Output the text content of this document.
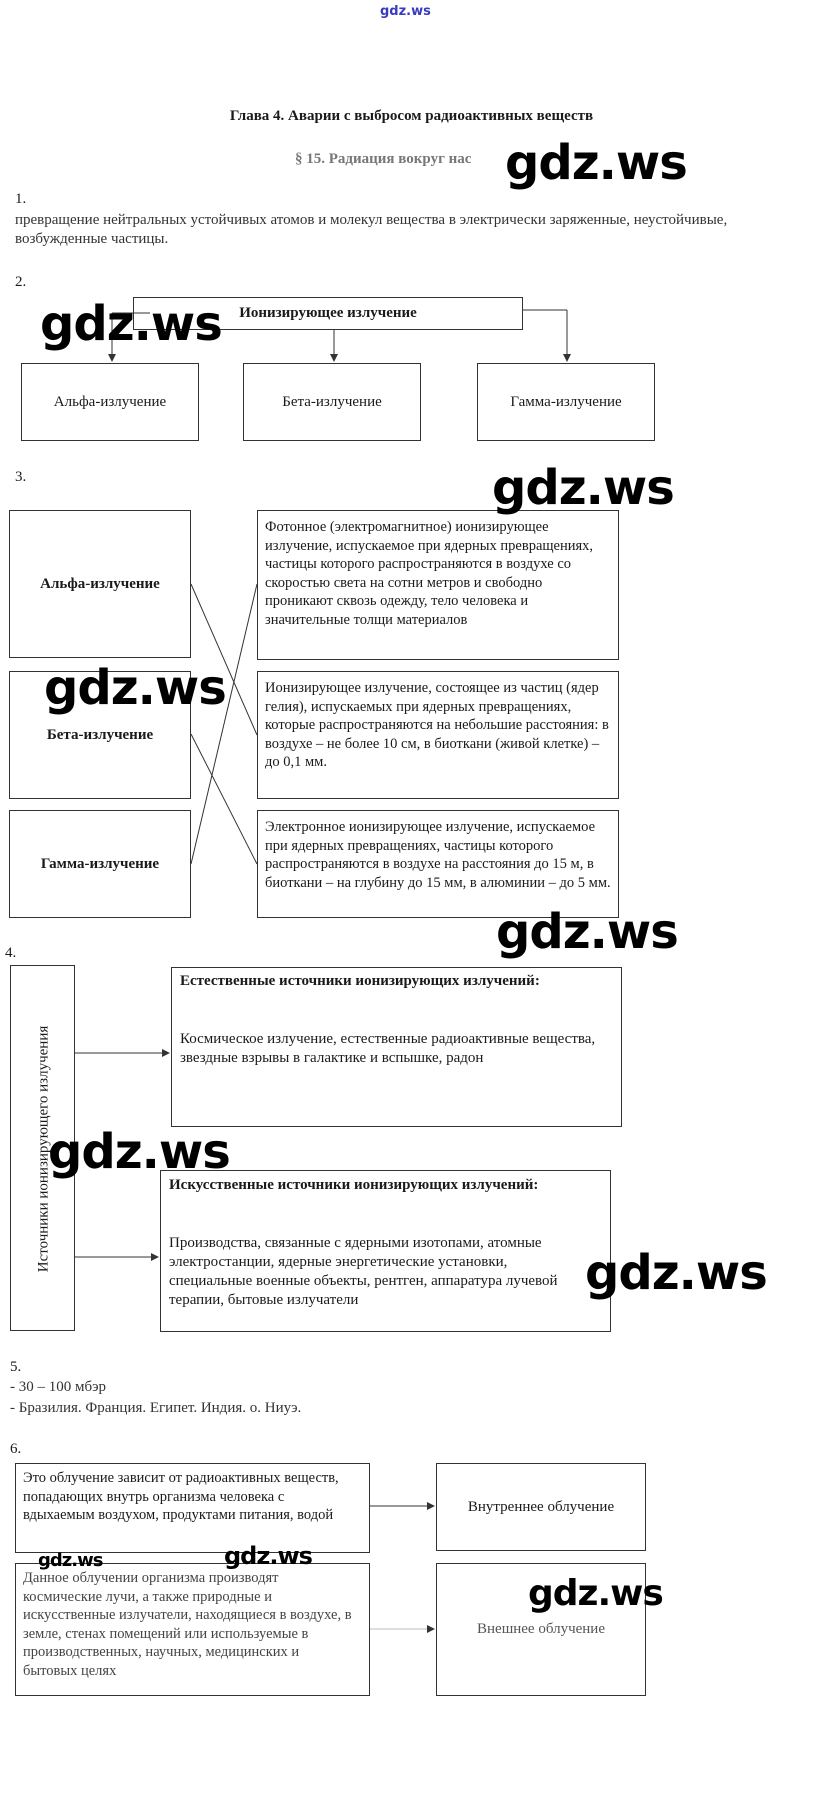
gdz.ws
Глава 4. Аварии с выбросом радиоактивных веществ
§ 15. Радиация вокруг нас
1.
превращение нейтральных устойчивых атомов и молекул вещества в электрически заряженные, неустойчивые, возбужденные частицы.
2.
Ионизирующее излучение
Альфа-излучение	Бета-излучение	Гамма-излучение
3.
Альфа-излучение
Бета-излучение
Гамма-излучение
Фотонное (электромагнитное) ионизирующее излучение, испускаемое при ядерных превращениях, частицы которого распространяются в воздухе со скоростью света на сотни метров и свободно проникают сквозь одежду, тело человека и значительные толщи материалов
Ионизирующее излучение, состоящее из частиц (ядер гелия), испускаемых при ядерных превращениях, которые распространяются на небольшие расстояния: в воздухе – не более 10 см, в биоткани (живой клетке) – до 0,1 мм.
Электронное ионизирующее излучение, испускаемое при ядерных превращениях, частицы которого распространяются в воздухе на расстояния до 15 м, в биоткани – на глубину до 15 мм, в алюминии – до 5 мм.
4.
Источники ионизирующего излучения
Естественные источники ионизирующих излучений:
Космическое излучение, естественные радиоактивные вещества, звездные взрывы в галактике и вспышке, радон
Искусственные источники ионизирующих излучений:
Производства, связанные с ядерными изотопами, атомные электростанции, ядерные энергетические установки, специальные военные объекты, рентген, аппаратура лучевой терапии, бытовые излучатели
5.
- 30 – 100 мбэр
- Бразилия. Франция. Египет. Индия. о. Ниуэ.
6.
Это облучение зависит от радиоактивных веществ, попадающих внутрь организма человека с вдыхаемым воздухом, продуктами питания, водой
Внутреннее облучение
Данное облучении организма производят космические лучи, а также природные и искусственные излучатели, находящиеся в воздухе, в земле, стенах помещений или используемые в производственных, научных, медицинских и бытовых целях
Внешнее облучение
gdz.ws
gdz.ws
gdz.ws
gdz.ws
gdz.ws
gdz.ws
gdz.ws
gdz.ws
gdz.ws
gdz.ws
